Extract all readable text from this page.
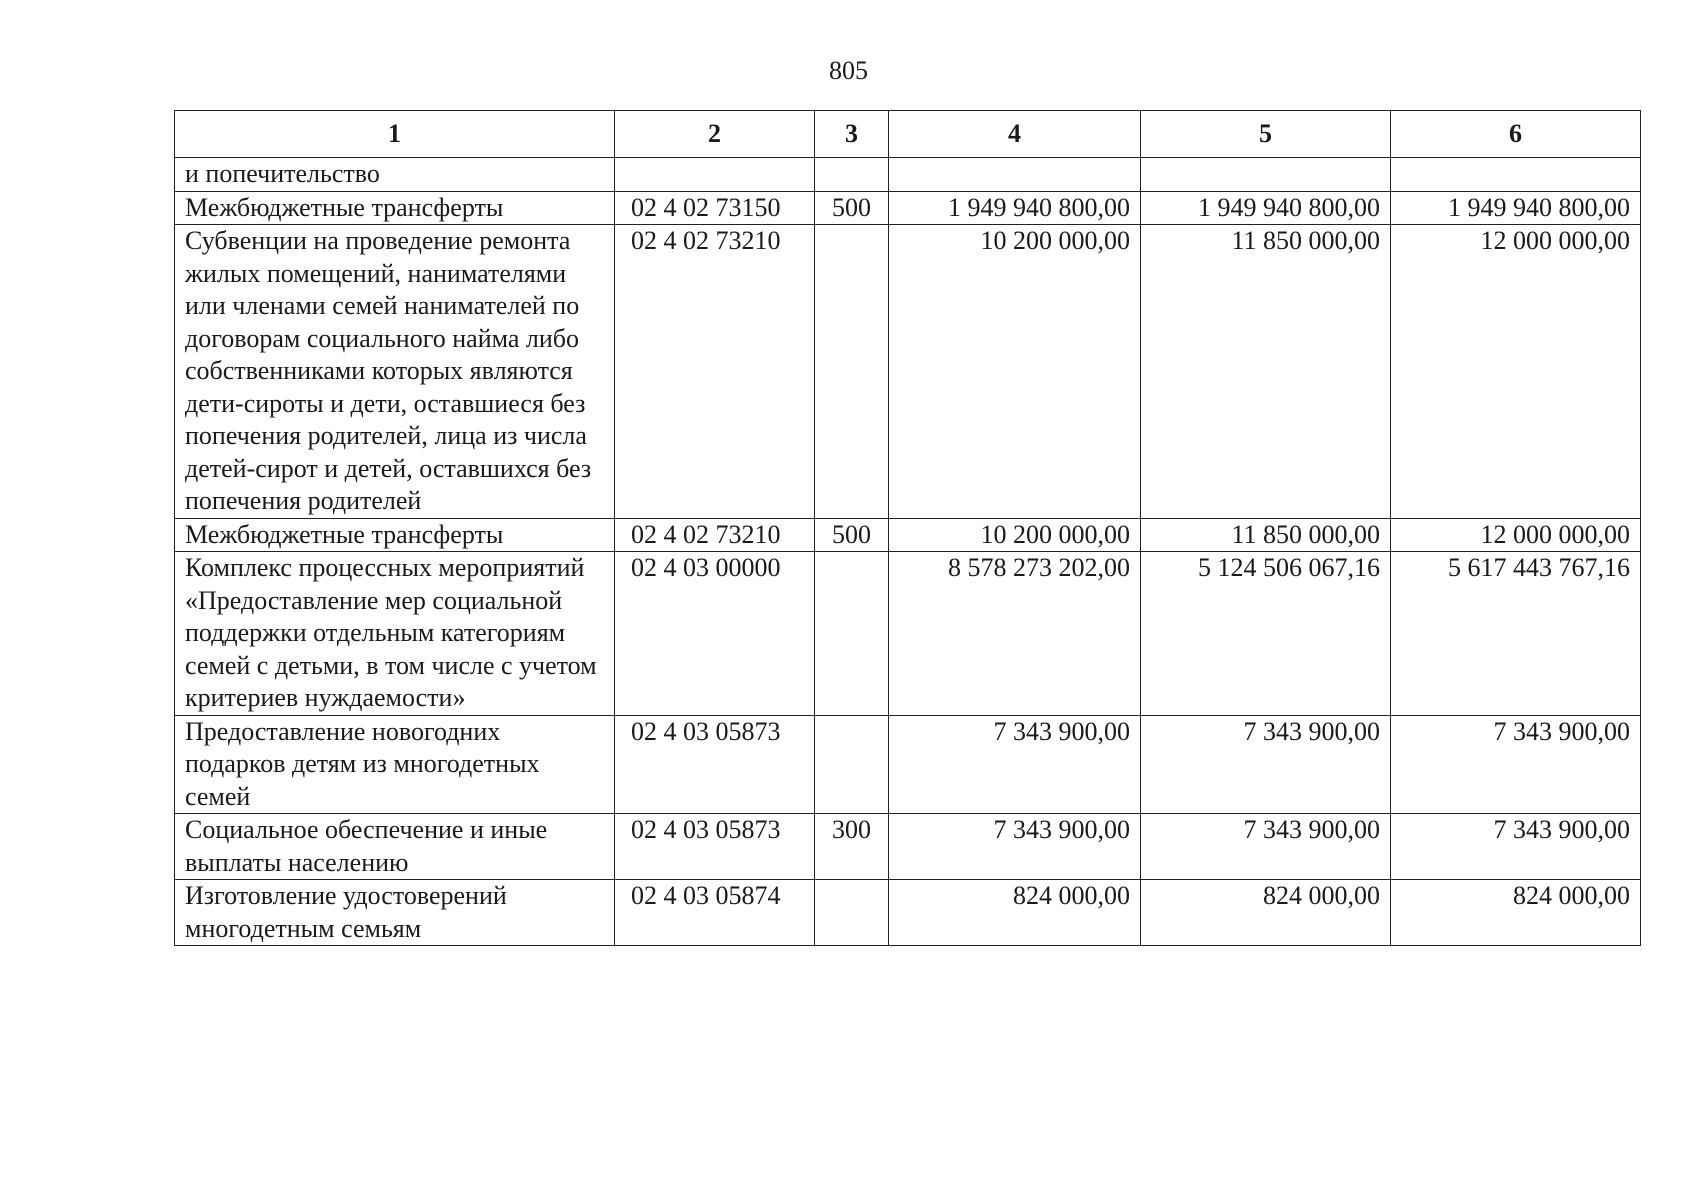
805
1	2	3	4	5	6
и попечительство					
Межбюджетные трансферты	02 4 02 73150	500	1 949 940 800,00	1 949 940 800,00	1 949 940 800,00
Субвенции на проведение ремонта жилых помещений, нанимателями или членами семей нанимателей по договорам социального найма либо собственниками которых являются дети-сироты и дети, оставшиеся без попечения родителей, лица из числа детей-сирот и детей, оставшихся без попечения родителей	02 4 02 73210		10 200 000,00	11 850 000,00	12 000 000,00
Межбюджетные трансферты	02 4 02 73210	500	10 200 000,00	11 850 000,00	12 000 000,00
Комплекс процессных мероприятий «Предоставление мер социальной поддержки отдельным категориям семей с детьми, в том числе с учетом критериев нуждаемости»	02 4 03 00000		8 578 273 202,00	5 124 506 067,16	5 617 443 767,16
Предоставление новогодних подарков детям из многодетных семей	02 4 03 05873		7 343 900,00	7 343 900,00	7 343 900,00
Социальное обеспечение и иные выплаты населению	02 4 03 05873	300	7 343 900,00	7 343 900,00	7 343 900,00
Изготовление удостоверений многодетным семьям	02 4 03 05874		824 000,00	824 000,00	824 000,00
